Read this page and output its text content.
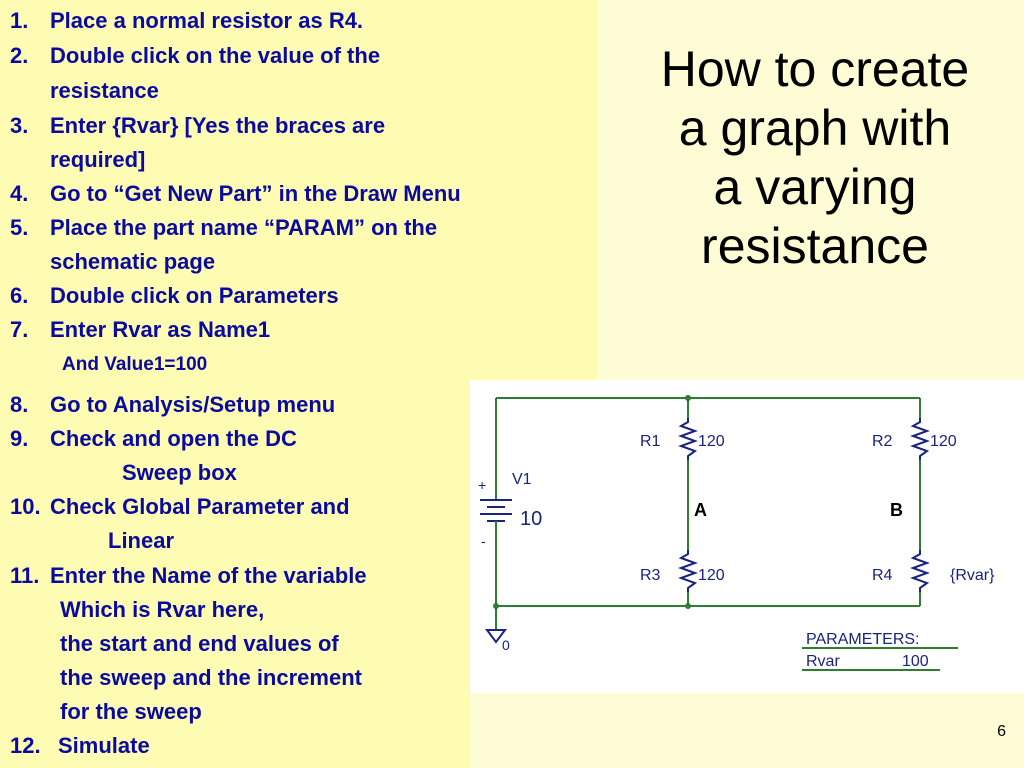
1. Place a normal resistor as R4.
2. Double click on the value of the
resistance
3. Enter {Rvar} [Yes the braces are
required]
4. Go to “Get New Part” in the Draw Menu
5. Place the part name “PARAM” on the
schematic page
6. Double click on Parameters
7. Enter Rvar as Name1
And Value1=100
8. Go to Analysis/Setup menu
9. Check and open the DC
Sweep box
10. Check Global Parameter and
Linear
11. Enter the Name of the variable
Which is Rvar here,
the start and end values of
the sweep and the increment
for the sweep
12. Simulate
How to create
a graph with
a varying
resistance
R1 120	R2 120
R3 120	R4	{Rvar}
V1
+
-
0	PARAMETERS:
Rvar	100
10	A	B
6
